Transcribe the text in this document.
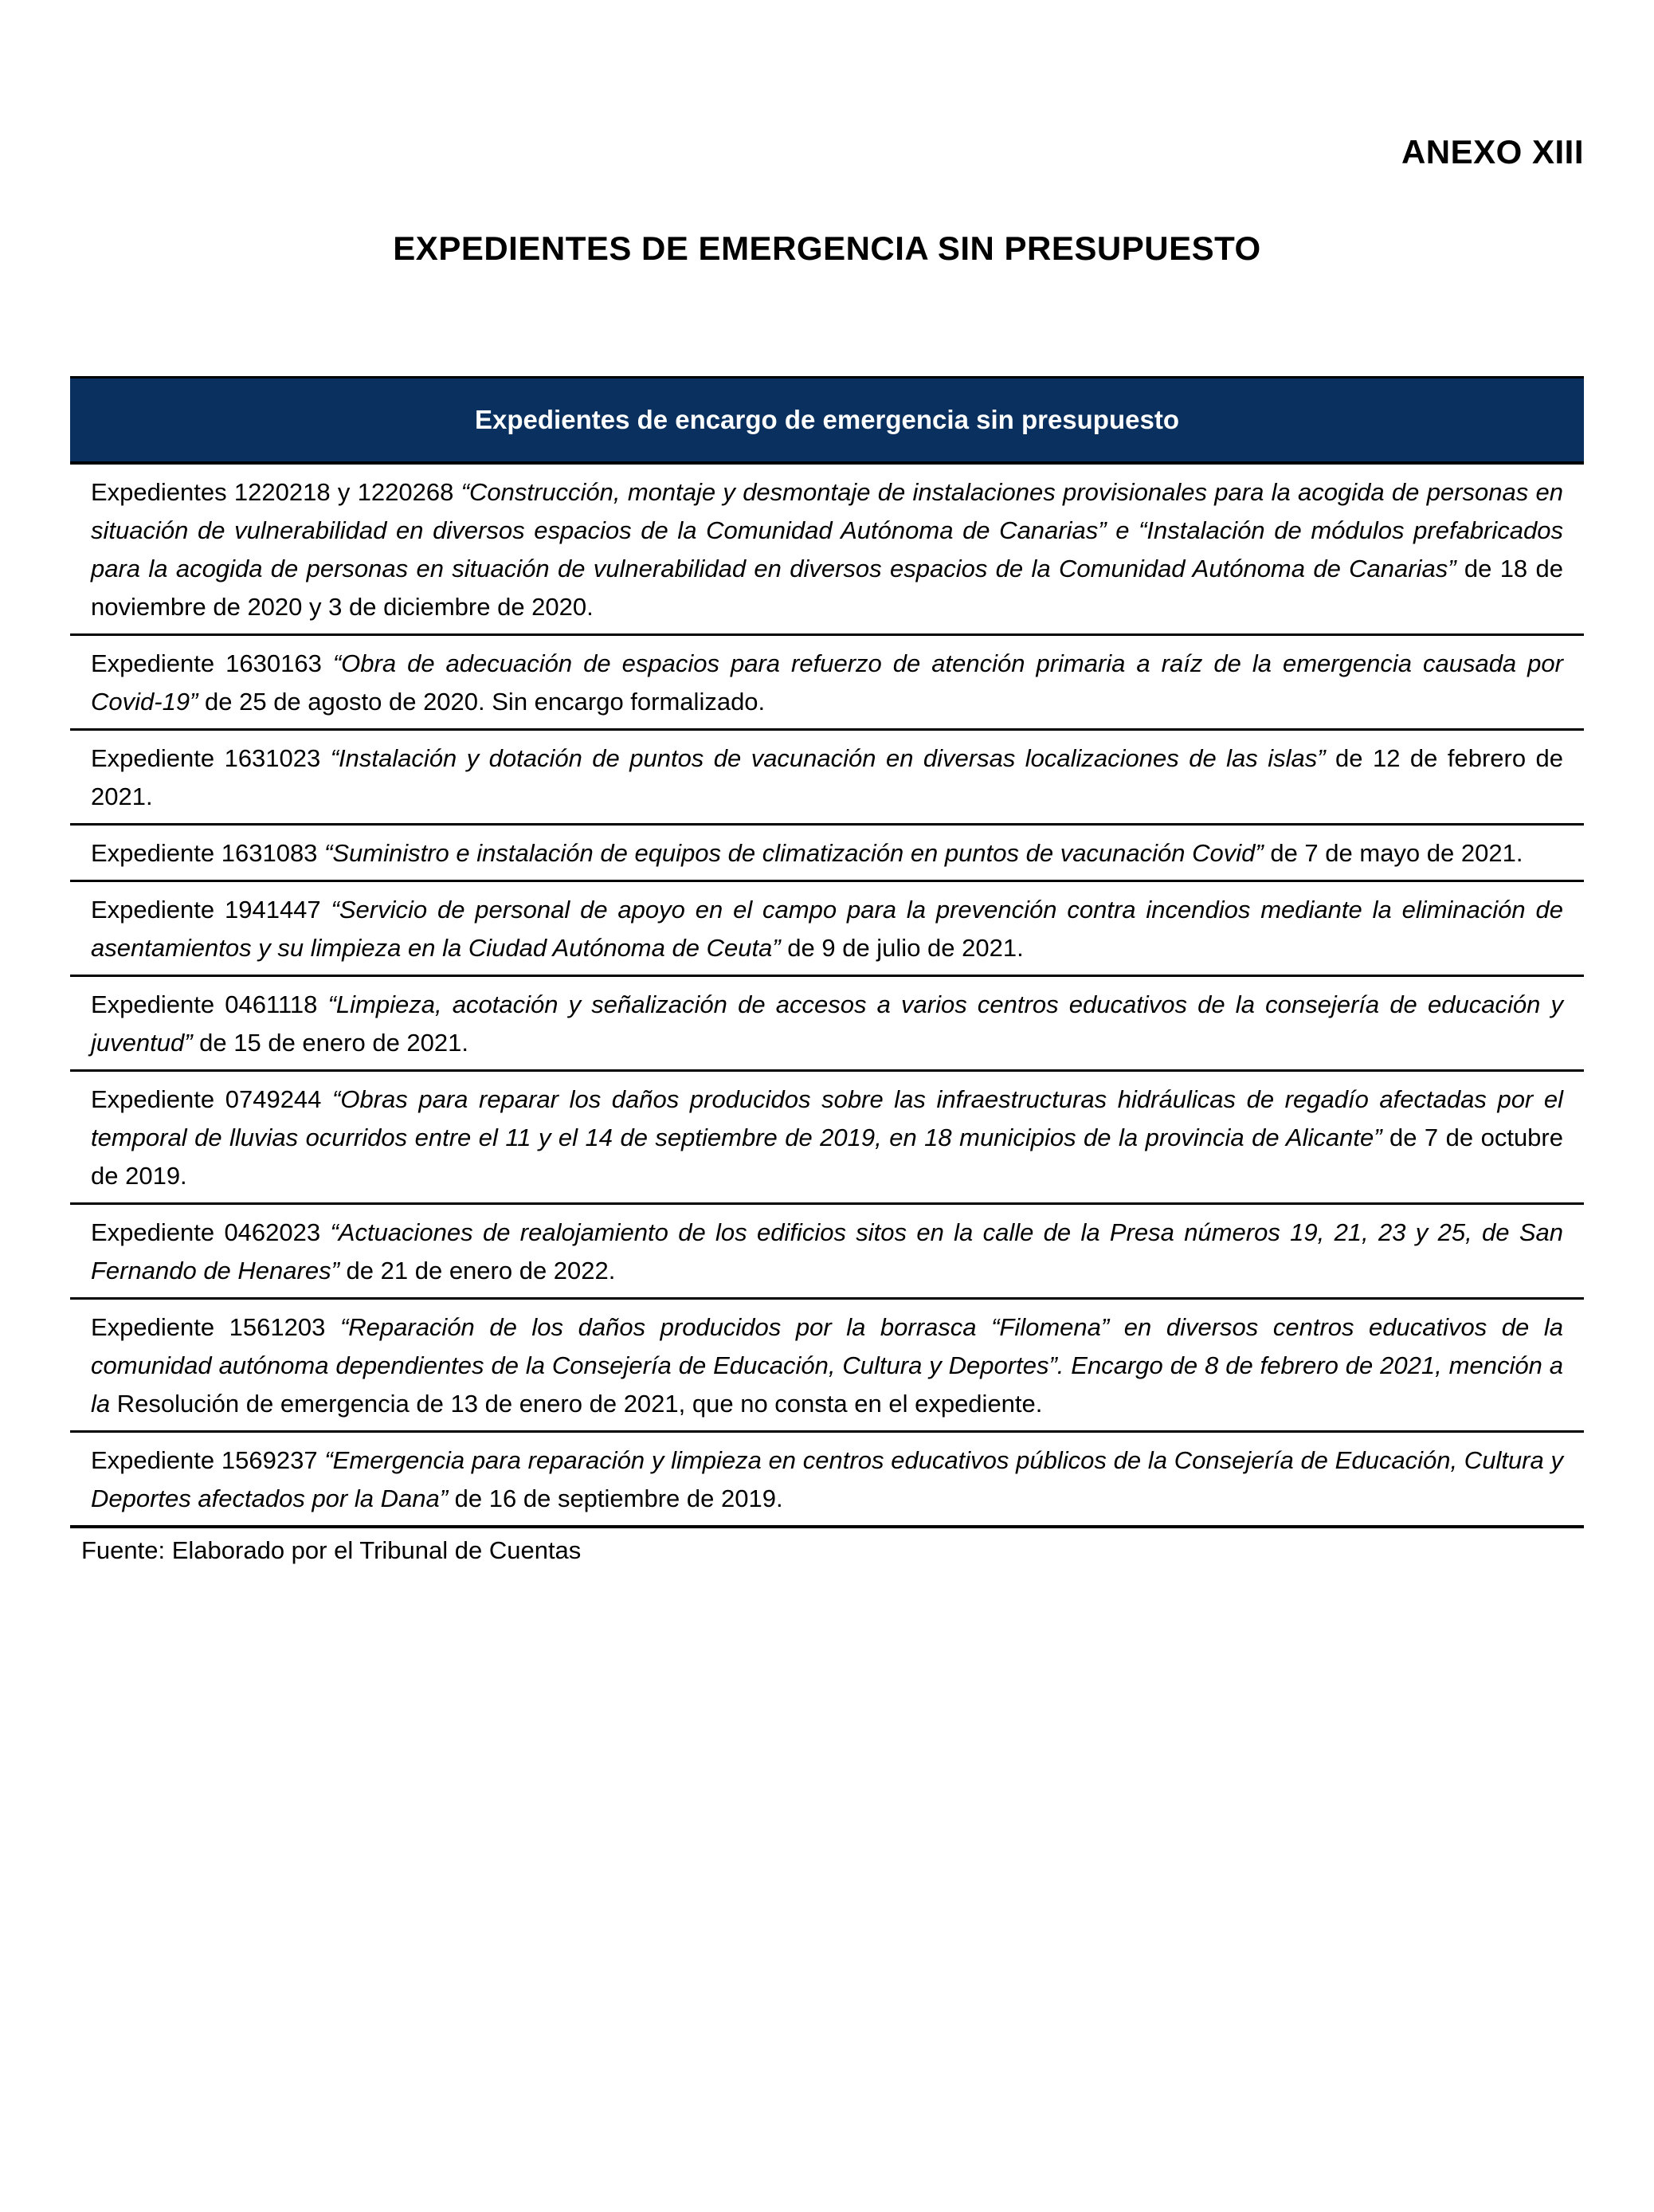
ANEXO XIII
EXPEDIENTES DE EMERGENCIA SIN PRESUPUESTO
Expedientes de encargo de emergencia sin presupuesto
Expedientes 1220218 y 1220268 “Construcción, montaje y desmontaje de instalaciones provisionales para la acogida de personas en situación de vulnerabilidad en diversos espacios de la Comunidad Autónoma de Canarias” e “Instalación de módulos prefabricados para la acogida de personas en situación de vulnerabilidad en diversos espacios de la Comunidad Autónoma de Canarias” de 18 de noviembre de 2020 y 3 de diciembre de 2020.
Expediente 1630163 “Obra de adecuación de espacios para refuerzo de atención primaria a raíz de la emergencia causada por Covid-19” de 25 de agosto de 2020. Sin encargo formalizado.
Expediente 1631023 “Instalación y dotación de puntos de vacunación en diversas localizaciones de las islas” de 12 de febrero de 2021.
Expediente 1631083 “Suministro e instalación de equipos de climatización en puntos de vacunación Covid” de 7 de mayo de 2021.
Expediente 1941447 “Servicio de personal de apoyo en el campo para la prevención contra incendios mediante la eliminación de asentamientos y su limpieza en la Ciudad Autónoma de Ceuta” de 9 de julio de 2021.
Expediente 0461118 “Limpieza, acotación y señalización de accesos a varios centros educativos de la consejería de educación y juventud” de 15 de enero de 2021.
Expediente 0749244 “Obras para reparar los daños producidos sobre las infraestructuras hidráulicas de regadío afectadas por el temporal de lluvias ocurridos entre el 11 y el 14 de septiembre de 2019, en 18 municipios de la provincia de Alicante” de 7 de octubre de 2019.
Expediente 0462023 “Actuaciones de realojamiento de los edificios sitos en la calle de la Presa números 19, 21, 23 y 25, de San Fernando de Henares” de 21 de enero de 2022.
Expediente 1561203 “Reparación de los daños producidos por la borrasca “Filomena” en diversos centros educativos de la comunidad autónoma dependientes de la Consejería de Educación, Cultura y Deportes”. Encargo de 8 de febrero de 2021, mención a la Resolución de emergencia de 13 de enero de 2021, que no consta en el expediente.
Expediente 1569237 “Emergencia para reparación y limpieza en centros educativos públicos de la Consejería de Educación, Cultura y Deportes afectados por la Dana” de 16 de septiembre de 2019.
Fuente: Elaborado por el Tribunal de Cuentas
